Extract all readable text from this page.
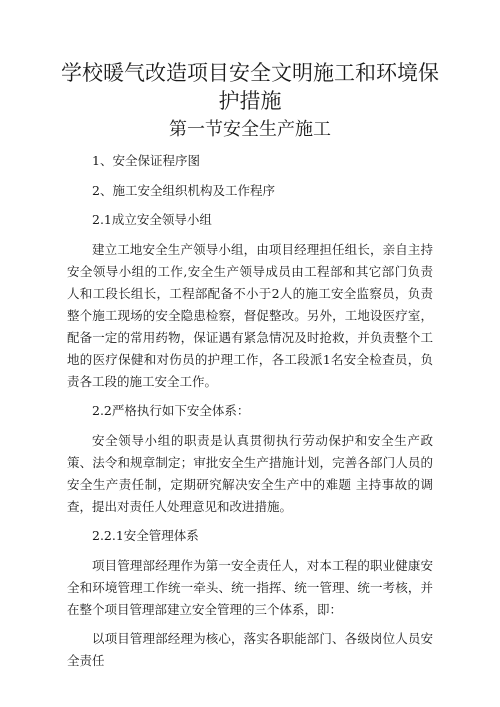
学校暖气改造项目安全文明施工和环境保
护措施
第一节安全生产施工

1、安全保证程序图

2、施工安全组织机构及工作程序

2.1成立安全领导小组

建立工地安全生产领导小组，由项目经理担任组长，亲自主持安全领导小组的工作,安全生产领导成员由工程部和其它部门负责人和工段长组长，工程部配备不小于2人的施工安全监察员，负责整个施工现场的安全隐患检察，督促整改。另外，工地设医疗室，配备一定的常用药物，保证遇有紧急情况及时抢救，并负责整个工地的医疗保健和对伤员的护理工作，各工段派1名安全检查员，负责各工段的施工安全工作。

2.2严格执行如下安全体系：

安全领导小组的职责是认真贯彻执行劳动保护和安全生产政策、法令和规章制定；审批安全生产措施计划，完善各部门人员的安全生产责任制，定期研究解决安全生产中的难题 主持事故的调查，提出对责任人处理意见和改进措施。

2.2.1安全管理体系

项目管理部经理作为第一安全责任人，对本工程的职业健康安全和环境管理工作统一牵头、统一指挥、统一管理、统一考核，并在整个项目管理部建立安全管理的三个体系，即：

以项目管理部经理为核心，落实各职能部门、各级岗位人员安全责任
